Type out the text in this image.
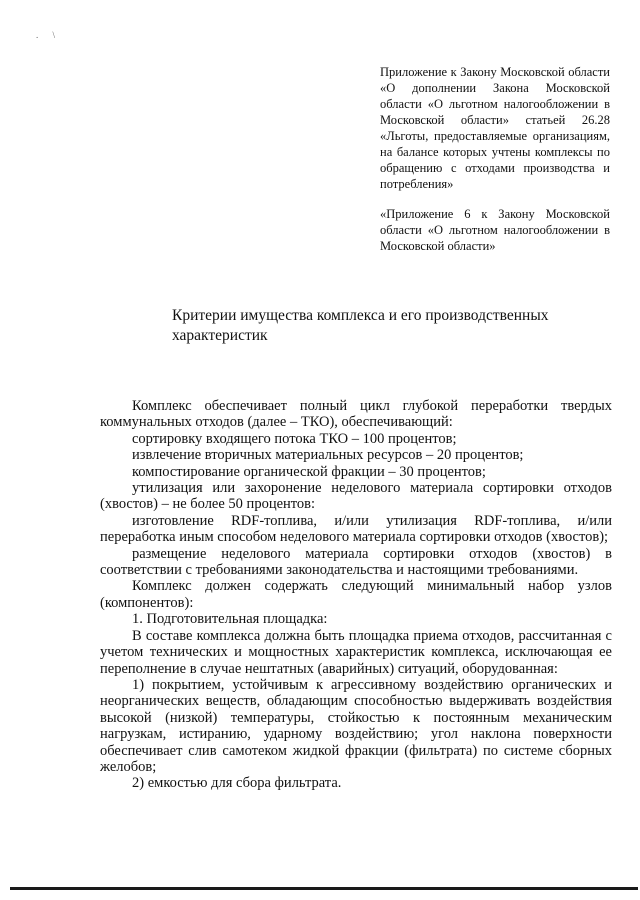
. \

Приложение к Закону Московской области «О дополнении Закона Московской области «О льготном налогообложении в Московской области» статьей 26.28 «Льготы, предоставляемые организациям, на балансе которых учтены комплексы по обращению с отходами производства и потребления»

«Приложение 6 к Закону Московской области «О льготном налогообложении в Московской области»

Критерии имущества комплекса и его производственных характеристик

Комплекс обеспечивает полный цикл глубокой переработки твердых коммунальных отходов (далее – ТКО), обеспечивающий:

сортировку входящего потока ТКО – 100 процентов;

извлечение вторичных материальных ресурсов – 20 процентов;

компостирование органической фракции – 30 процентов;

утилизация или захоронение неделового материала сортировки отходов (хвостов) – не более 50 процентов:

изготовление RDF-топлива, и/или утилизация RDF-топлива, и/или переработка иным способом неделового материала сортировки отходов (хвостов);

размещение неделового материала сортировки отходов (хвостов) в соответствии с требованиями законодательства и настоящими требованиями.

Комплекс должен содержать следующий минимальный набор узлов (компонентов):

1. Подготовительная площадка:

В составе комплекса должна быть площадка приема отходов, рассчитанная с учетом технических и мощностных характеристик комплекса, исключающая ее переполнение в случае нештатных (аварийных) ситуаций, оборудованная:

1) покрытием, устойчивым к агрессивному воздействию органических и неорганических веществ, обладающим способностью выдерживать воздействия высокой (низкой) температуры, стойкостью к постоянным механическим нагрузкам, истиранию, ударному воздействию; угол наклона поверхности обеспечивает слив самотеком жидкой фракции (фильтрата) по системе сборных желобов;

2) емкостью для сбора фильтрата.
